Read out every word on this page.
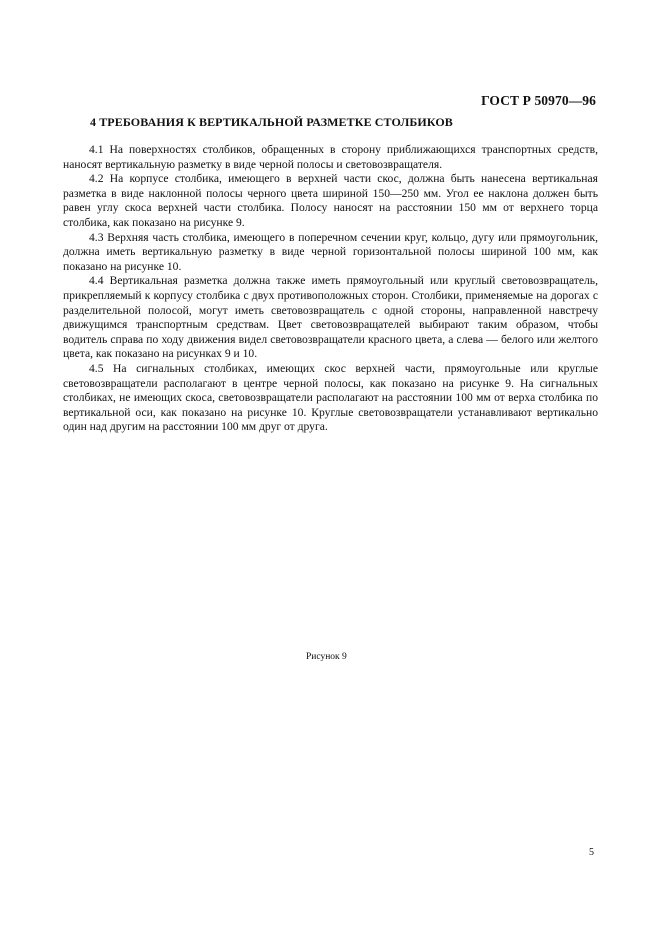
ГОСТ Р 50970—96
4 ТРЕБОВАНИЯ К ВЕРТИКАЛЬНОЙ РАЗМЕТКЕ СТОЛБИКОВ

4.1 На поверхностях столбиков, обращенных в сторону приближающихся транспортных средств, наносят вертикальную разметку в виде черной полосы и световозвращателя.

4.2 На корпусе столбика, имеющего в верхней части скос, должна быть нанесена вертикальная разметка в виде наклонной полосы черного цвета шириной 150—250 мм. Угол ее наклона должен быть равен углу скоса верхней части столбика. Полосу наносят на расстоянии 150 мм от верхнего торца столбика, как показано на рисунке 9.

4.3 Верхняя часть столбика, имеющего в поперечном сечении круг, кольцо, дугу или прямоугольник, должна иметь вертикальную разметку в виде черной горизонтальной полосы шириной 100 мм, как показано на рисунке 10.

4.4 Вертикальная разметка должна также иметь прямоугольный или круглый световозвращатель, прикрепляемый к корпусу столбика с двух противоположных сторон. Столбики, применяемые на дорогах с разделительной полосой, могут иметь световозвращатель с одной стороны, направленной навстречу движущимся транспортным средствам. Цвет световозвращателей выбирают таким образом, чтобы водитель справа по ходу движения видел световозвращатели красного цвета, а слева — белого или желтого цвета, как показано на рисунках 9 и 10.

4.5 На сигнальных столбиках, имеющих скос верхней части, прямоугольные или круглые световозвращатели располагают в центре черной полосы, как показано на рисунке 9. На сигнальных столбиках, не имеющих скоса, световозвращатели располагают на расстоянии 100 мм от верха столбика по вертикальной оси, как показано на рисунке 10. Круглые световозвращатели устанавливают вертикально один над другим на расстоянии 100 мм друг от друга.

Рисунок 9
5
